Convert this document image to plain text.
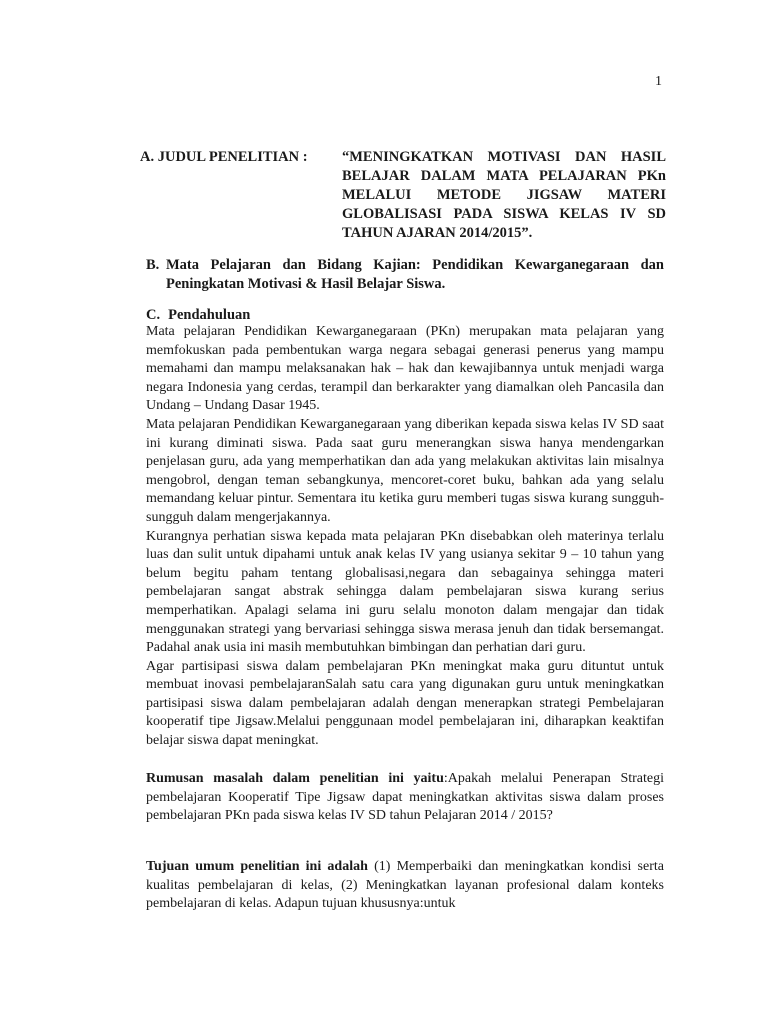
1
A. JUDUL PENELITIAN : “MENINGKATKAN MOTIVASI DAN HASIL BELAJAR DALAM MATA PELAJARAN PKn MELALUI METODE JIGSAW MATERI GLOBALISASI PADA SISWA KELAS IV SD TAHUN AJARAN 2014/2015”.
B. Mata Pelajaran dan Bidang Kajian: Pendidikan Kewarganegaraan dan Peningkatan Motivasi & Hasil Belajar Siswa.
C. Pendahuluan

Mata pelajaran Pendidikan Kewarganegaraan (PKn) merupakan mata pelajaran yang memfokuskan pada pembentukan warga negara sebagai generasi penerus yang mampu memahami dan mampu melaksanakan hak – hak dan kewajibannya untuk menjadi warga negara Indonesia yang cerdas, terampil dan berkarakter yang diamalkan oleh Pancasila dan Undang – Undang Dasar 1945.

Mata pelajaran Pendidikan Kewarganegaraan yang diberikan kepada siswa kelas IV SD saat ini kurang diminati siswa. Pada saat guru menerangkan siswa hanya mendengarkan penjelasan guru, ada yang memperhatikan dan ada yang melakukan aktivitas lain misalnya mengobrol, dengan teman sebangkunya, mencoret-coret buku, bahkan ada yang selalu memandang keluar pintur. Sementara itu ketika guru memberi tugas siswa kurang sungguh-sungguh dalam mengerjakannya.

Kurangnya perhatian siswa kepada mata pelajaran PKn disebabkan oleh materinya terlalu luas dan sulit untuk dipahami untuk anak kelas IV yang usianya sekitar 9 – 10 tahun yang belum begitu paham tentang globalisasi,negara dan sebagainya sehingga materi pembelajaran sangat abstrak sehingga dalam pembelajaran siswa kurang serius memperhatikan. Apalagi selama ini guru selalu monoton dalam mengajar dan tidak menggunakan strategi yang bervariasi sehingga siswa merasa jenuh dan tidak bersemangat. Padahal anak usia ini masih membutuhkan bimbingan dan perhatian dari guru.

Agar partisipasi siswa dalam pembelajaran PKn meningkat maka guru dituntut untuk membuat inovasi pembelajaranSalah satu cara yang digunakan guru untuk meningkatkan partisipasi siswa dalam pembelajaran adalah dengan menerapkan strategi Pembelajaran kooperatif tipe Jigsaw.Melalui penggunaan model pembelajaran ini, diharapkan keaktifan belajar siswa dapat meningkat.

Rumusan masalah dalam penelitian ini yaitu:Apakah melalui Penerapan Strategi pembelajaran Kooperatif Tipe Jigsaw dapat meningkatkan aktivitas siswa dalam proses pembelajaran PKn pada siswa kelas IV SD tahun Pelajaran 2014 / 2015?

Tujuan umum penelitian ini adalah (1) Memperbaiki dan meningkatkan kondisi serta kualitas pembelajaran di kelas, (2) Meningkatkan layanan profesional dalam konteks pembelajaran di kelas. Adapun tujuan khususnya:untuk
